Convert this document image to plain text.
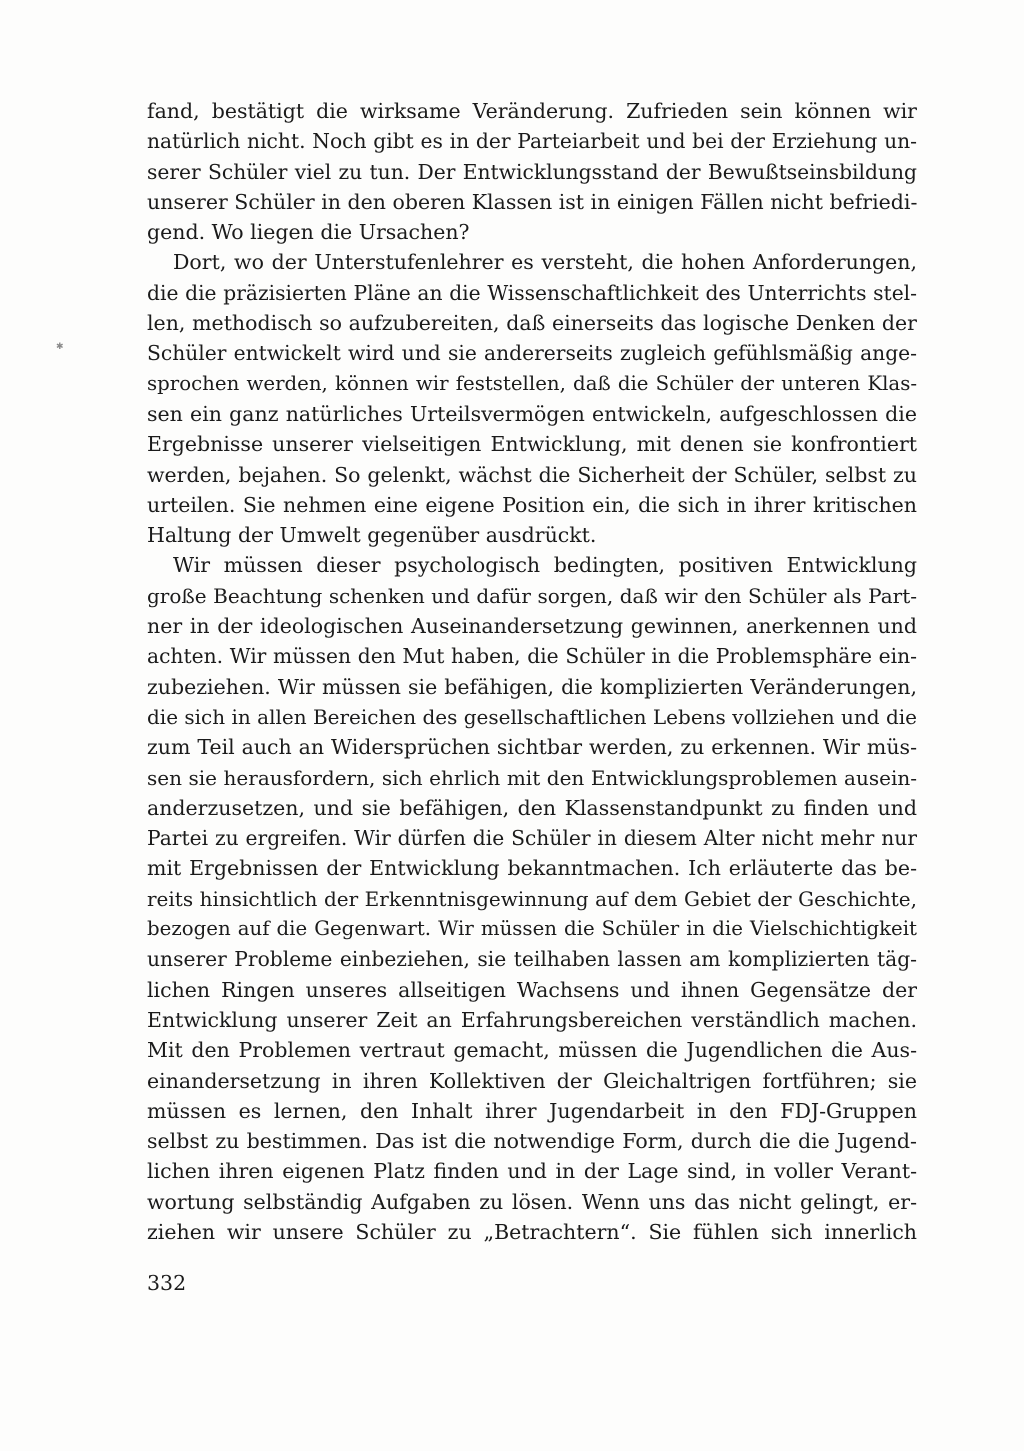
✱
fand, bestätigt die wirksame Veränderung. Zufrieden sein können wir
natürlich nicht. Noch gibt es in der Parteiarbeit und bei der Erziehung un-
serer Schüler viel zu tun. Der Entwicklungsstand der Bewußtseinsbildung
unserer Schüler in den oberen Klassen ist in einigen Fällen nicht befriedi-
gend. Wo liegen die Ursachen?
Dort, wo der Unterstufenlehrer es versteht, die hohen Anforderungen,
die die präzisierten Pläne an die Wissenschaftlichkeit des Unterrichts stel-
len, methodisch so aufzubereiten, daß einerseits das logische Denken der
Schüler entwickelt wird und sie andererseits zugleich gefühlsmäßig ange-
sprochen werden, können wir feststellen, daß die Schüler der unteren Klas-
sen ein ganz natürliches Urteilsvermögen entwickeln, aufgeschlossen die
Ergebnisse unserer vielseitigen Entwicklung, mit denen sie konfrontiert
werden, bejahen. So gelenkt, wächst die Sicherheit der Schüler, selbst zu
urteilen. Sie nehmen eine eigene Position ein, die sich in ihrer kritischen
Haltung der Umwelt gegenüber ausdrückt.
Wir müssen dieser psychologisch bedingten, positiven Entwicklung
große Beachtung schenken und dafür sorgen, daß wir den Schüler als Part-
ner in der ideologischen Auseinandersetzung gewinnen, anerkennen und
achten. Wir müssen den Mut haben, die Schüler in die Problemsphäre ein-
zubeziehen. Wir müssen sie befähigen, die komplizierten Veränderungen,
die sich in allen Bereichen des gesellschaftlichen Lebens vollziehen und die
zum Teil auch an Widersprüchen sichtbar werden, zu erkennen. Wir müs-
sen sie herausfordern, sich ehrlich mit den Entwicklungsproblemen ausein-
anderzusetzen, und sie befähigen, den Klassenstandpunkt zu finden und
Partei zu ergreifen. Wir dürfen die Schüler in diesem Alter nicht mehr nur
mit Ergebnissen der Entwicklung bekanntmachen. Ich erläuterte das be-
reits hinsichtlich der Erkenntnisgewinnung auf dem Gebiet der Geschichte,
bezogen auf die Gegenwart. Wir müssen die Schüler in die Vielschichtigkeit
unserer Probleme einbeziehen, sie teilhaben lassen am komplizierten täg-
lichen Ringen unseres allseitigen Wachsens und ihnen Gegensätze der
Entwicklung unserer Zeit an Erfahrungsbereichen verständlich machen.
Mit den Problemen vertraut gemacht, müssen die Jugendlichen die Aus-
einandersetzung in ihren Kollektiven der Gleichaltrigen fortführen; sie
müssen es lernen, den Inhalt ihrer Jugendarbeit in den FDJ-Gruppen
selbst zu bestimmen. Das ist die notwendige Form, durch die die Jugend-
lichen ihren eigenen Platz finden und in der Lage sind, in voller Verant-
wortung selbständig Aufgaben zu lösen. Wenn uns das nicht gelingt, er-
ziehen wir unsere Schüler zu „Betrachtern“. Sie fühlen sich innerlich
332
